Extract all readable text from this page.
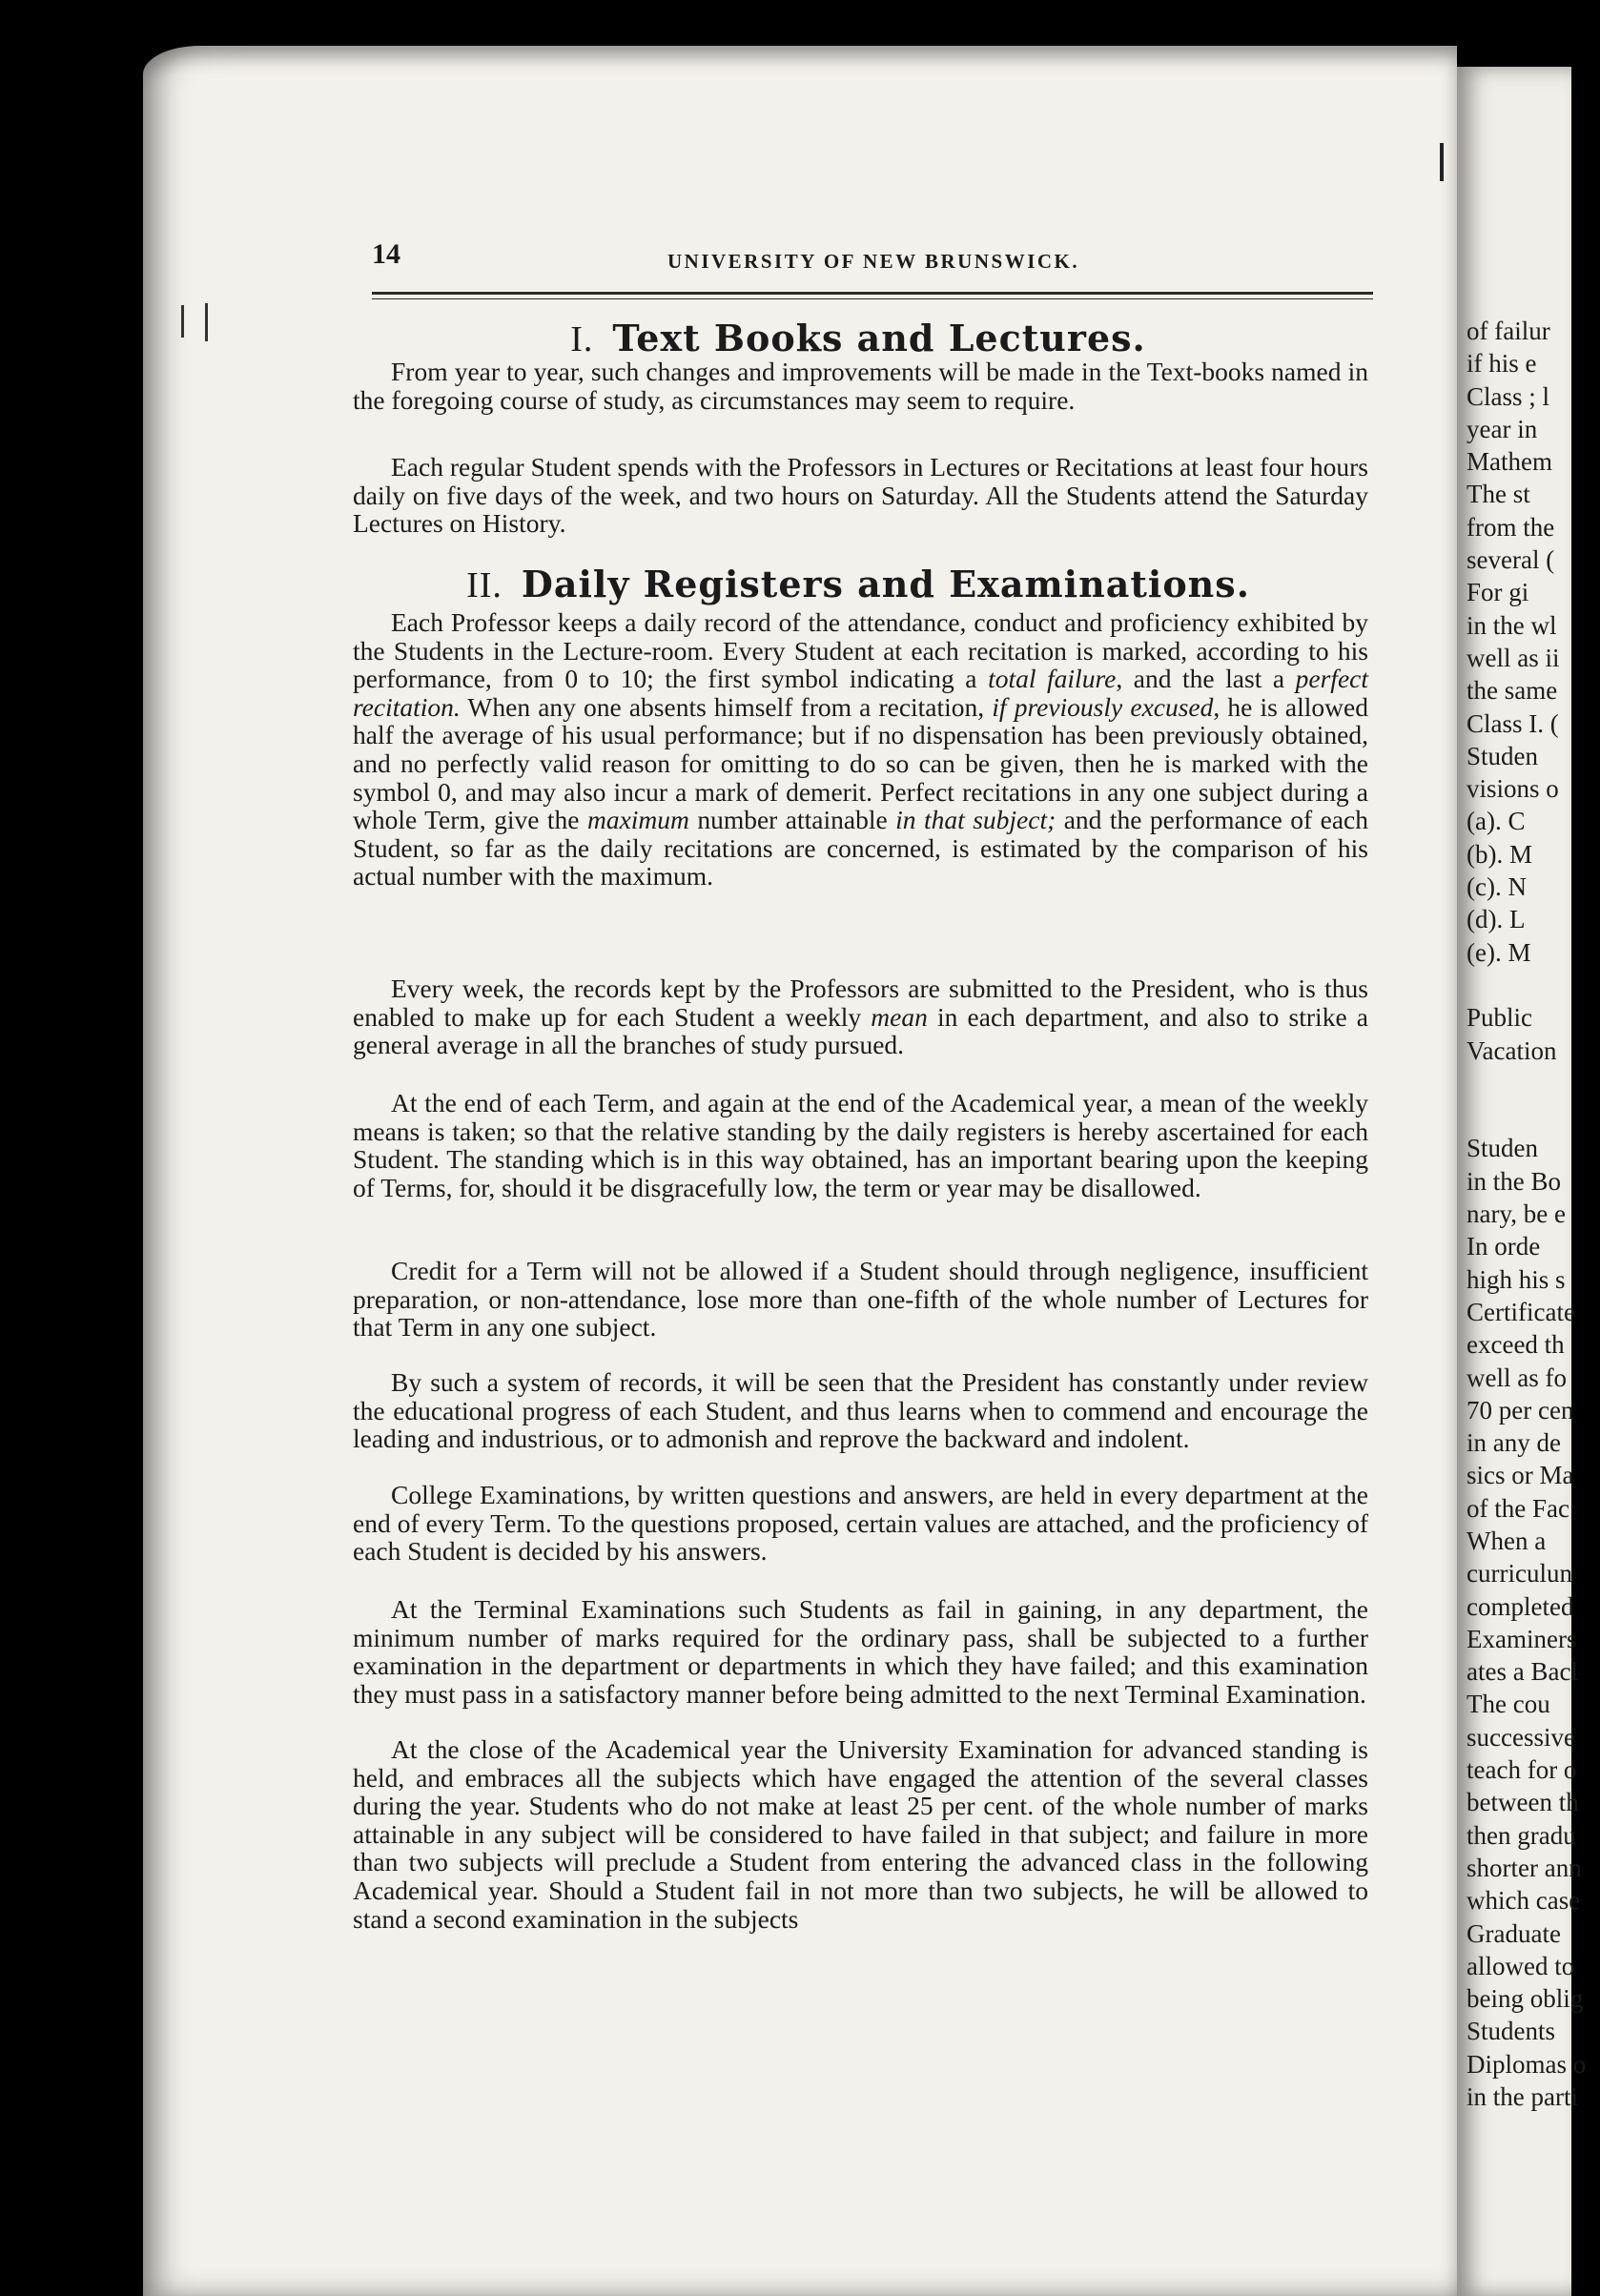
14	UNIVERSITY OF NEW BRUNSWICK.
I. Text Books and Lectures.

From year to year, such changes and improvements will be made in the Text-books named in the foregoing course of study, as circumstances may seem to require.

Each regular Student spends with the Professors in Lectures or Recitations at least four hours daily on five days of the week, and two hours on Saturday. All the Students attend the Saturday Lectures on History.

II. Daily Registers and Examinations.

Each Professor keeps a daily record of the attendance, conduct and proficiency exhibited by the Students in the Lecture-room. Every Student at each recitation is marked, according to his performance, from 0 to 10; the first symbol indicating a total failure, and the last a perfect recitation. When any one absents himself from a recitation, if previously excused, he is allowed half the average of his usual performance; but if no dispensation has been previously obtained, and no perfectly valid reason for omitting to do so can be given, then he is marked with the symbol 0, and may also incur a mark of demerit. Perfect recitations in any one subject during a whole Term, give the maximum number attainable in that subject; and the performance of each Student, so far as the daily recitations are concerned, is estimated by the comparison of his actual number with the maximum.

Every week, the records kept by the Professors are submitted to the President, who is thus enabled to make up for each Student a weekly mean in each department, and also to strike a general average in all the branches of study pursued.

At the end of each Term, and again at the end of the Academical year, a mean of the weekly means is taken; so that the relative standing by the daily registers is hereby ascertained for each Student. The standing which is in this way obtained, has an important bearing upon the keeping of Terms, for, should it be disgracefully low, the term or year may be disallowed.

Credit for a Term will not be allowed if a Student should through negligence, insufficient preparation, or non-attendance, lose more than one-fifth of the whole number of Lectures for that Term in any one subject.

By such a system of records, it will be seen that the President has constantly under review the educational progress of each Student, and thus learns when to commend and encourage the leading and industrious, or to admonish and reprove the backward and indolent.

College Examinations, by written questions and answers, are held in every department at the end of every Term. To the questions proposed, certain values are attached, and the proficiency of each Student is decided by his answers.

At the Terminal Examinations such Students as fail in gaining, in any department, the minimum number of marks required for the ordinary pass, shall be subjected to a further examination in the department or departments in which they have failed; and this examination they must pass in a satisfactory manner before being admitted to the next Terminal Examination.

At the close of the Academical year the University Examination for advanced standing is held, and embraces all the subjects which have engaged the attention of the several classes during the year. Students who do not make at least 25 per cent. of the whole number of marks attainable in any subject will be considered to have failed in that subject; and failure in more than two subjects will preclude a Student from entering the advanced class in the following Academical year. Should a Student fail in not more than two subjects, he will be allowed to stand a second examination in the subjects

of failur
if his e
Class ; l
year in
Mathem
The st
from the
several (
For gi
in the wl
well as ii
the same
Class I. (
Studen
visions o
(a). C
(b). M
(c). N
(d). L
(e). M
Public
Vacation
Studen
in the Bo
nary, be e
In orde
high his s
Certificate
exceed th
well as fo
70 per cen
in any de
sics or Ma
of the Fac
When a
curriculun
completed
Examiners
ates a Bacl
The cou
successive
teach for o
between th
then gradu
shorter ann
which case
Graduate
allowed to
being oblig
Students
Diplomas o
in the parti
